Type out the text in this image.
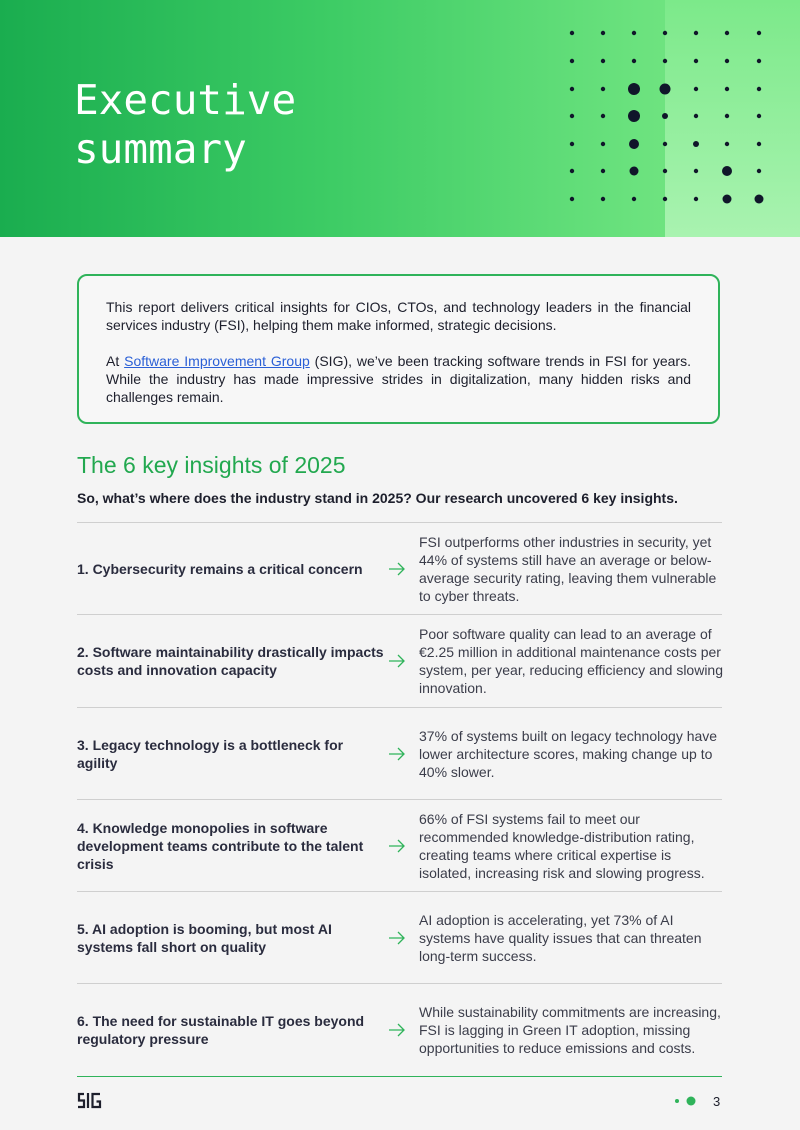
Executive
summary

This report delivers critical insights for CIOs, CTOs, and technology leaders in the financial services industry (FSI), helping them make informed, strategic decisions.

At Software Improvement Group (SIG), we’ve been tracking software trends in FSI for years. While the industry has made impressive strides in digitalization, many hidden risks and challenges remain.

The 6 key insights of 2025

So, what’s where does the industry stand in 2025? Our research uncovered 6 key insights.

1. Cybersecurity remains a critical concern
FSI outperforms other industries in security, yet 44% of systems still have an average or below-average security rating, leaving them vulnerable to cyber threats.
2. Software maintainability drastically impacts costs and innovation capacity
Poor software quality can lead to an average of €2.25 million in additional maintenance costs per system, per year, reducing efficiency and slowing innovation.
3. Legacy technology is a bottleneck for agility
37% of systems built on legacy technology have lower architecture scores, making change up to 40% slower.
4. Knowledge monopolies in software development teams contribute to the talent crisis
66% of FSI systems fail to meet our recommended knowledge-distribution rating, creating teams where critical expertise is isolated, increasing risk and slowing progress.
5. AI adoption is booming, but most AI systems fall short on quality
AI adoption is accelerating, yet 73% of AI systems have quality issues that can threaten long-term success.
6. The need for sustainable IT goes beyond regulatory pressure
While sustainability commitments are increasing, FSI is lagging in Green IT adoption, missing opportunities to reduce emissions and costs.
3
